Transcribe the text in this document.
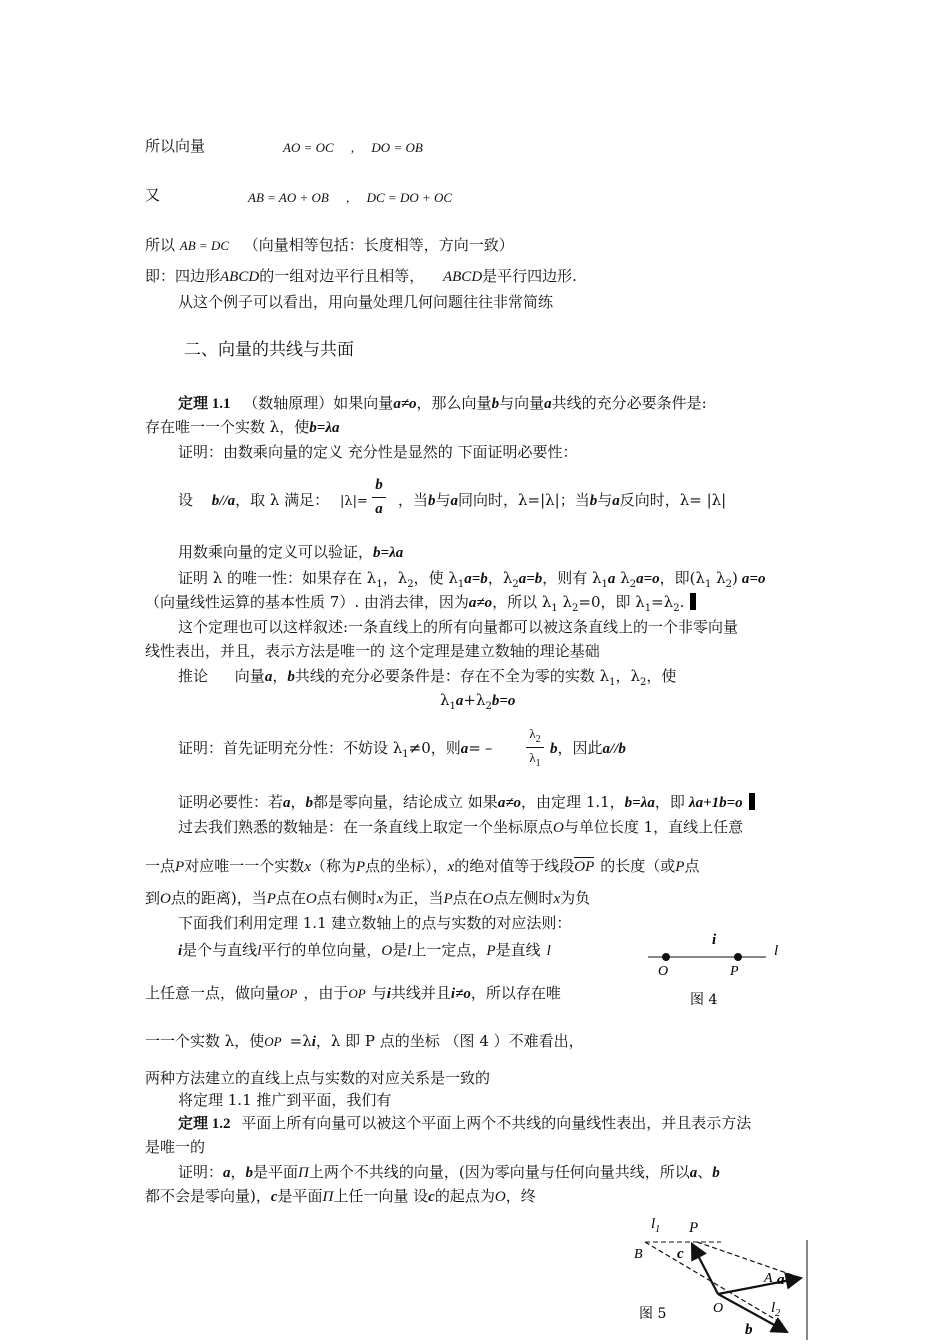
所以向量	AO = OC , DO = OB
又	AB = AO + OB , DC = DO + OC
所以 AB = DC （向量相等包括：长度相等，方向一致）
即：四边形ABCD的一组对边平行且相等， ABCD是平行四边形.
从这个例子可以看出，用向量处理几何问题往往非常简练
二、向量的共线与共面
定理 1.1 （数轴原理）如果向量a≠o，那么向量b与向量a共线的充分必要条件是:
存在唯一一个实数 λ，使b=λa
证明：由数乘向量的定义 充分性是显然的 下面证明必要性：
设 b//a，取 λ 满足： |λ|=
b
a ，当b与a同向时，λ=|λ|；当b与a反向时，λ= |λ|
用数乘向量的定义可以验证，b=λa
证明 λ 的唯一性：如果存在 $\lambda_1$，$\lambda_2$，使 $\lambda_1a=b$，$\lambda_2a=b$，则有 $\lambda_1a$ $\lambda_2a=o$，即($\lambda_1$ $\lambda_2$) a=o
（向量线性运算的基本性质 7）. 由消去律，因为a≠o，所以 $\lambda_1$ $\lambda_2=0$，即 $\lambda_1=\lambda_2$.
这个定理也可以这样叙述:一条直线上的所有向量都可以被这条直线上的一个非零向量
线性表出，并且，表示方法是唯一的 这个定理是建立数轴的理论基础
推论 向量a，b共线的充分必要条件是：存在不全为零的实数 $\lambda_1$，$\lambda_2$，使
$\lambda_1a+\lambda_2b=o$
证明：首先证明充分性：不妨设 $\lambda_1\ne 0$，则a= –
$\lambda_2$
$\lambda_1$
b，因此a//b
证明必要性：若a，b都是零向量，结论成立 如果a≠o，由定理 1.1，b=λa，即 λa+1b=o
过去我们熟悉的数轴是：在一条直线上取定一个坐标原点O与单位长度 1，直线上任意
一点P对应唯一一个实数x（称为P点的坐标），x的绝对值等于线段OP 的长度（或P点
到O点的距离)，当P点在O点右侧时x为正，当P点在O点左侧时x为负
下面我们利用定理 1.1 建立数轴上的点与实数的对应法则：
i是个与直线l平行的单位向量，O是l上一定点，P是直线 l
上任意一点，做向量OP ，由于OP 与i共线并且i≠o，所以存在唯
一一个实数 λ，使OP =λi，λ 即 P 点的坐标 （图 4 ）不难看出，
两种方法建立的直线上点与实数的对应关系是一致的
将定理 1.1 推广到平面，我们有
定理 1.2 平面上所有向量可以被这个平面上两个不共线的向量线性表出，并且表示方法
是唯一的
证明：a，b是平面Π上两个不共线的向量，(因为零向量与任何向量共线，所以a、b
都不会是零向量)，c是平面Π上任一向量 设c的起点为O，终
i
l
O	P
图 4
$l_1$ P
B c
A a
O	$l_2$
b
图 5
